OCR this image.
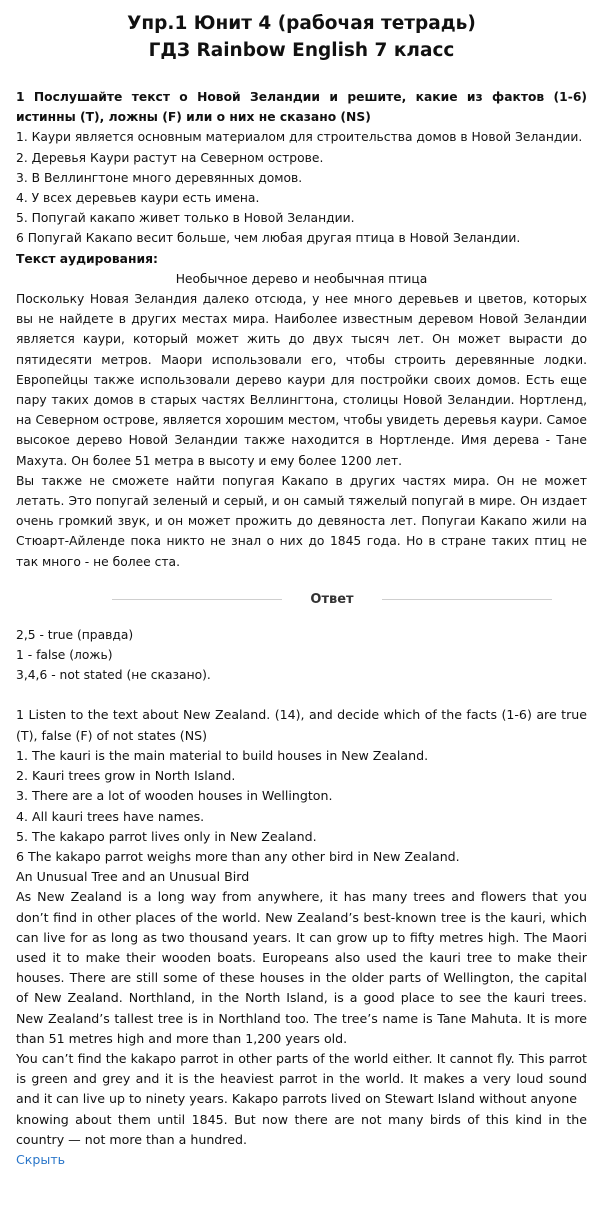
Упр.1 Юнит 4 (рабочая тетрадь)
ГДЗ Rainbow English 7 класс
1 Послушайте текст о Новой Зеландии и решите, какие из фактов (1-6) истинны (T), ложны (F) или о них не сказано (NS)
1. Каури является основным материалом для строительства домов в Новой Зеландии.
2. Деревья Каури растут на Северном острове.
3. В Веллингтоне много деревянных домов.
4. У всех деревьев каури есть имена.
5. Попугай какапо живет только в Новой Зеландии.
6 Попугай Какапо весит больше, чем любая другая птица в Новой Зеландии.
Текст аудирования:
Необычное дерево и необычная птица
Поскольку Новая Зеландия далеко отсюда, у нее много деревьев и цветов, которых вы не найдете в других местах мира. Наиболее известным деревом Новой Зеландии является каури, который может жить до двух тысяч лет. Он может вырасти до пятидесяти метров. Маори использовали его, чтобы строить деревянные лодки. Европейцы также использовали дерево каури для постройки своих домов. Есть еще пару таких домов в старых частях Веллингтона, столицы Новой Зеландии. Нортленд, на Северном острове, является хорошим местом, чтобы увидеть деревья каури. Самое высокое дерево Новой Зеландии также находится в Нортленде. Имя дерева - Тане Махута. Он более 51 метра в высоту и ему более 1200 лет.
Вы также не сможете найти попугая Какапо в других частях мира. Он не может летать. Это попугай зеленый и серый, и он самый тяжелый попугай в мире. Он издает очень громкий звук, и он может прожить до девяноста лет. Попугаи Какапо жили на Стюарт-Айленде пока никто не знал о них до 1845 года. Но в стране таких птиц не так много - не более ста.
Ответ
2,5 - true (правда)
1 - false (ложь)
3,4,6 - not stated (не сказано).
1 Listen to the text about New Zealand. (14), and decide which of the facts (1-6) are true (T), false (F) of not states (NS)
1. The kauri is the main material to build houses in New Zealand.
2. Kauri trees grow in North Island.
3. There are a lot of wooden houses in Wellington.
4. All kauri trees have names.
5. The kakapo parrot lives only in New Zealand.
6 The kakapo parrot weighs more than any other bird in New Zealand.
An Unusual Tree and an Unusual Bird
As New Zealand is a long way from anywhere, it has many trees and flowers that you don’t find in other places of the world. New Zealand’s best-known tree is the kauri, which can live for as long as two thousand years. It can grow up to fifty metres high. The Maori used it to make their wooden boats. Europeans also used the kauri tree to make their houses. There are still some of these houses in the older parts of Wellington, the capital of New Zealand. Northland, in the North Island, is a good place to see the kauri trees. New Zealand’s tallest tree is in Northland too. The tree’s name is Tane Mahuta. It is more than 51 metres high and more than 1,200 years old.
You can’t find the kakapo parrot in other parts of the world either. It cannot fly. This parrot is green and grey and it is the heaviest parrot in the world. It makes a very loud sound and it can live up to ninety years. Kakapo parrots lived on Stewart Island without anyone
knowing about them until 1845. But now there are not many birds of this kind in the country — not more than a hundred.
Скрыть
